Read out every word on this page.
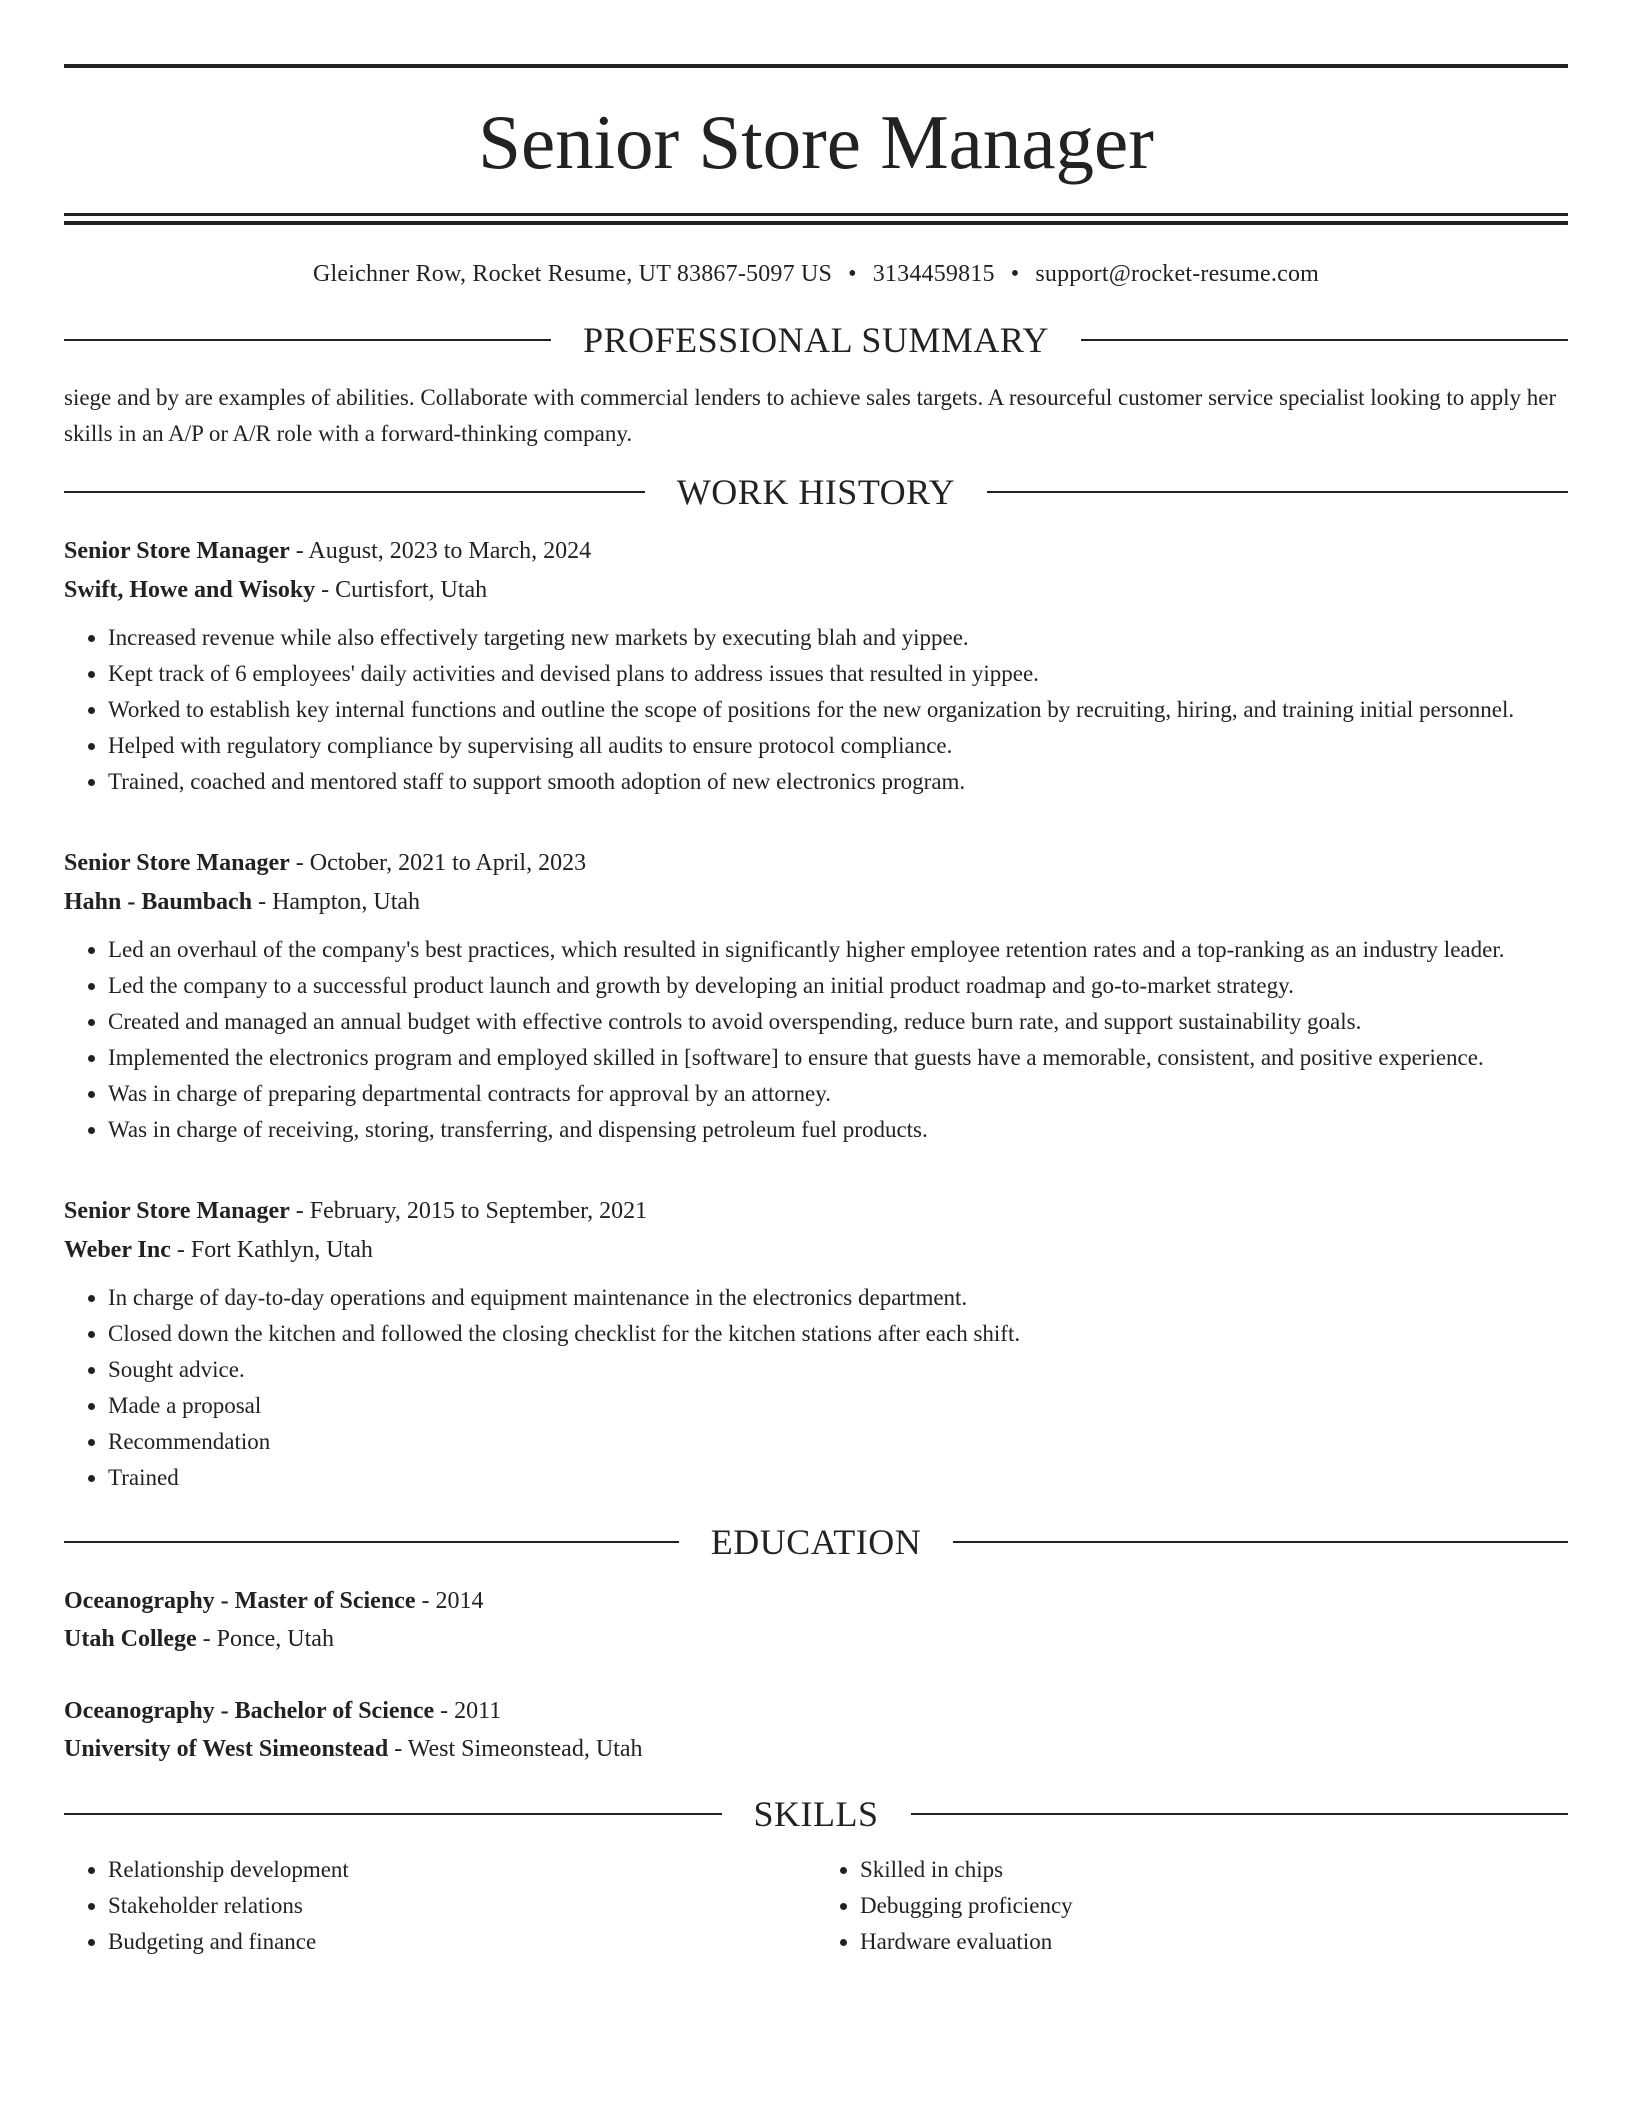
Senior Store Manager
Gleichner Row, Rocket Resume, UT 83867-5097 US • 3134459815 • support@rocket-resume.com
PROFESSIONAL SUMMARY
siege and by are examples of abilities. Collaborate with commercial lenders to achieve sales targets. A resourceful customer service specialist looking to apply her skills in an A/P or A/R role with a forward-thinking company.
WORK HISTORY
Senior Store Manager - August, 2023 to March, 2024
Swift, Howe and Wisoky - Curtisfort, Utah
• Increased revenue while also effectively targeting new markets by executing blah and yippee.
• Kept track of 6 employees' daily activities and devised plans to address issues that resulted in yippee.
• Worked to establish key internal functions and outline the scope of positions for the new organization by recruiting, hiring, and training initial personnel.
• Helped with regulatory compliance by supervising all audits to ensure protocol compliance.
• Trained, coached and mentored staff to support smooth adoption of new electronics program.
Senior Store Manager - October, 2021 to April, 2023
Hahn - Baumbach - Hampton, Utah
• Led an overhaul of the company's best practices, which resulted in significantly higher employee retention rates and a top-ranking as an industry leader.
• Led the company to a successful product launch and growth by developing an initial product roadmap and go-to-market strategy.
• Created and managed an annual budget with effective controls to avoid overspending, reduce burn rate, and support sustainability goals.
• Implemented the electronics program and employed skilled in [software] to ensure that guests have a memorable, consistent, and positive experience.
• Was in charge of preparing departmental contracts for approval by an attorney.
• Was in charge of receiving, storing, transferring, and dispensing petroleum fuel products.
Senior Store Manager - February, 2015 to September, 2021
Weber Inc - Fort Kathlyn, Utah
• In charge of day-to-day operations and equipment maintenance in the electronics department.
• Closed down the kitchen and followed the closing checklist for the kitchen stations after each shift.
• Sought advice.
• Made a proposal
• Recommendation
• Trained
EDUCATION
Oceanography - Master of Science - 2014
Utah College - Ponce, Utah
Oceanography - Bachelor of Science - 2011
University of West Simeonstead - West Simeonstead, Utah
SKILLS
• Relationship development
• Stakeholder relations
• Budgeting and finance
• Skilled in chips
• Debugging proficiency
• Hardware evaluation
